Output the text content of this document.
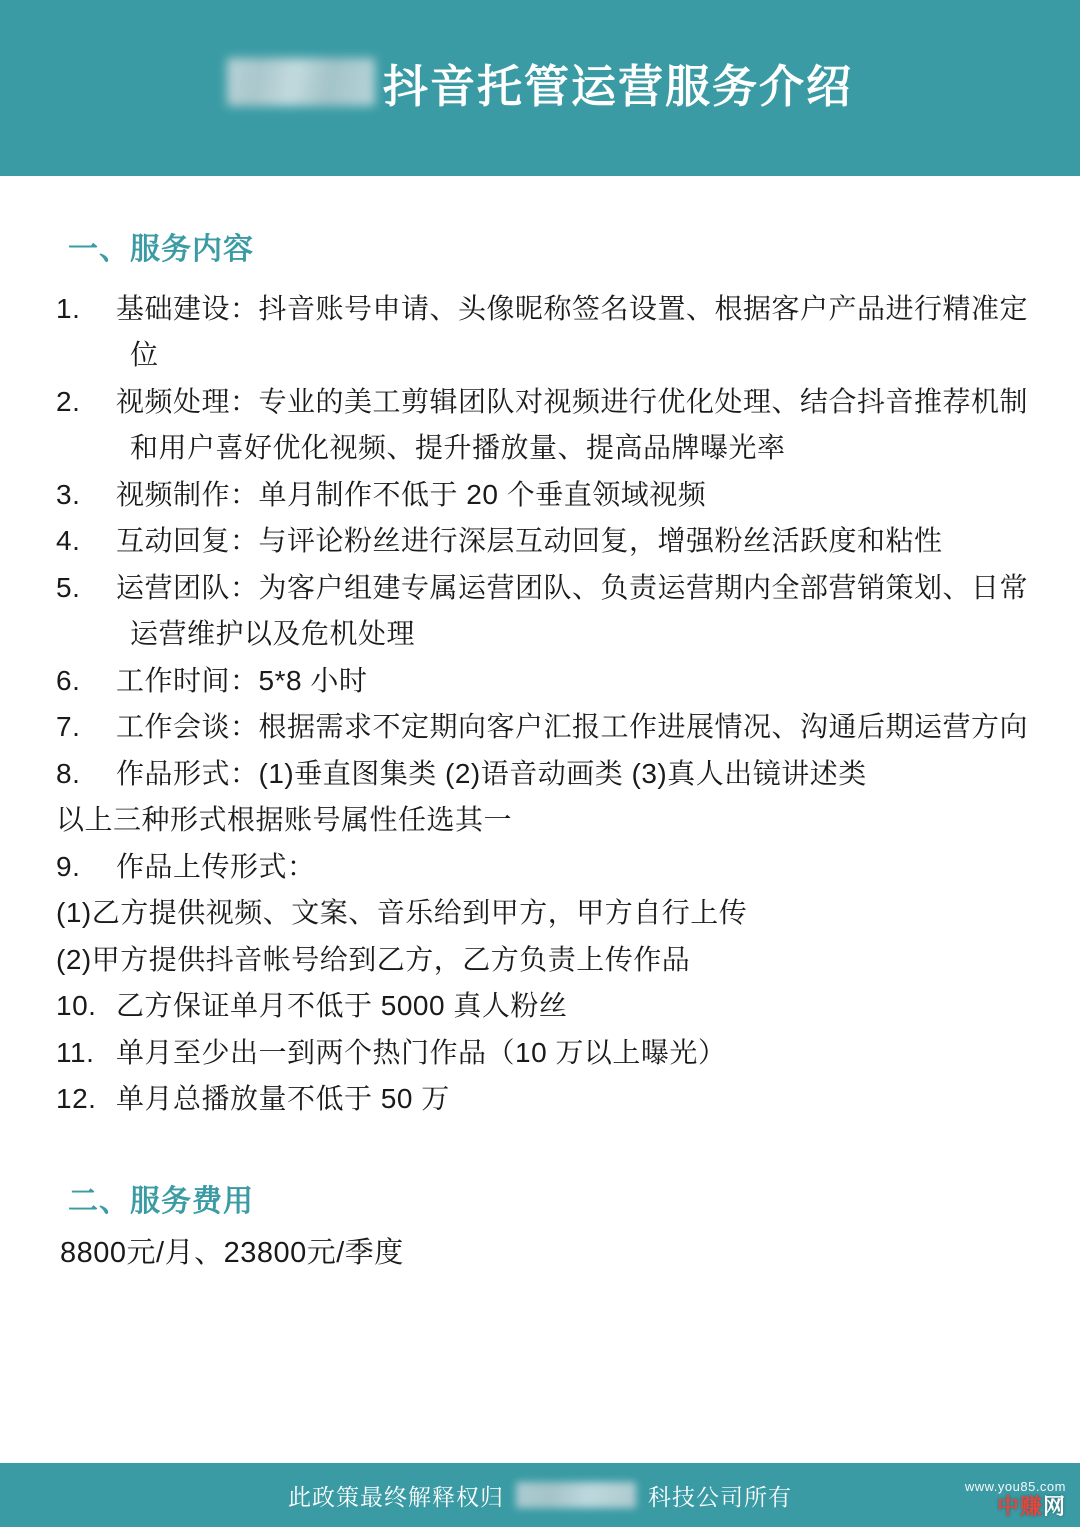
抖音托管运营服务介绍
一、服务内容
1.	基础建设：抖音账号申请、头像昵称签名设置、根据客户产品进行精准定位
2.	视频处理：专业的美工剪辑团队对视频进行优化处理、结合抖音推荐机制和用户喜好优化视频、提升播放量、提高品牌曝光率
3.	视频制作：单月制作不低于 20 个垂直领域视频
4.	互动回复：与评论粉丝进行深层互动回复，增强粉丝活跃度和粘性
5.	运营团队：为客户组建专属运营团队、负责运营期内全部营销策划、日常运营维护以及危机处理
6.	工作时间：5*8 小时
7.	工作会谈：根据需求不定期向客户汇报工作进展情况、沟通后期运营方向
8.	作品形式：(1)垂直图集类 (2)语音动画类 (3)真人出镜讲述类
以上三种形式根据账号属性任选其一
9.	作品上传形式：
(1)乙方提供视频、文案、音乐给到甲方，甲方自行上传
(2)甲方提供抖音帐号给到乙方，乙方负责上传作品
10. 乙方保证单月不低于 5000 真人粉丝
11. 单月至少出一到两个热门作品（10 万以上曝光）
12. 单月总播放量不低于 50 万
二、服务费用
8800元/月、23800元/季度
此政策最终解释权归	科技公司所有	www.you85.com
中赚网
